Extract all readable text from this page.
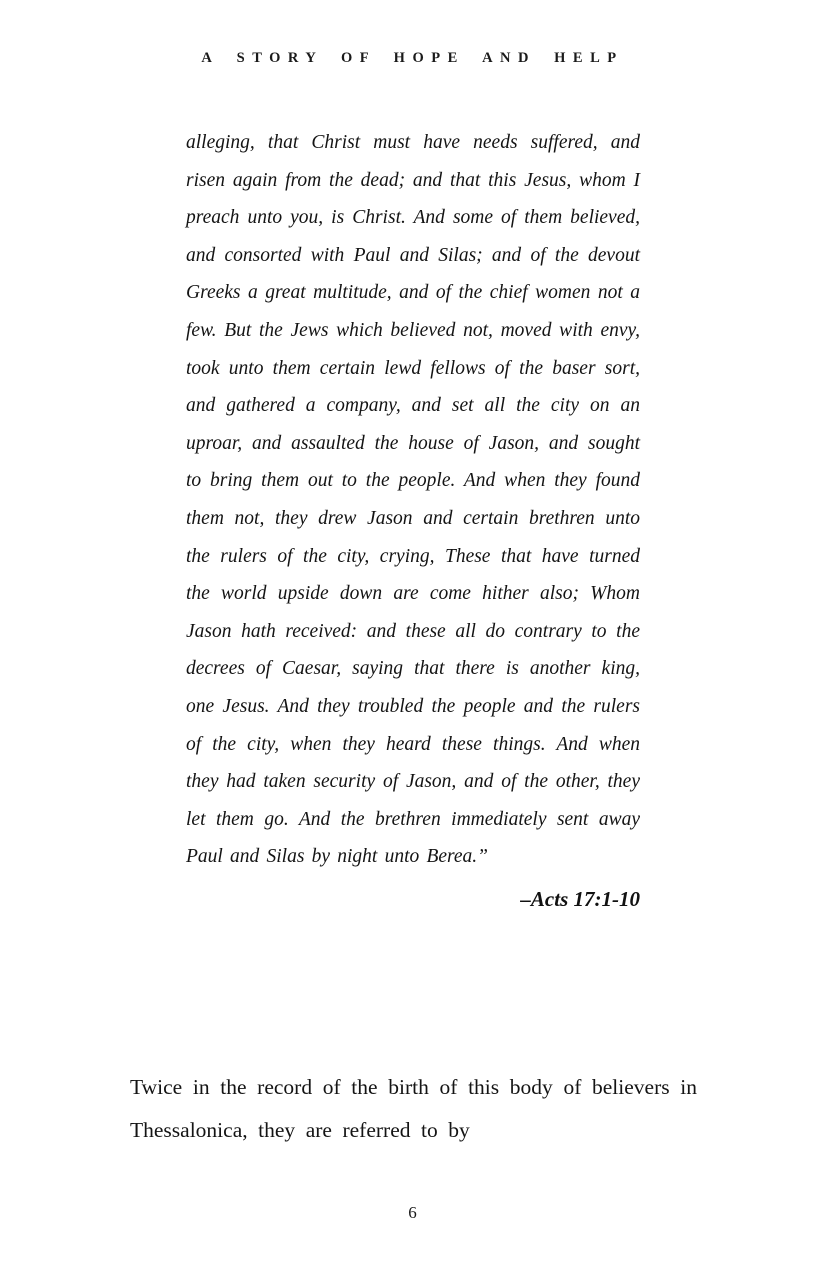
A STORY OF HOPE AND HELP
alleging, that Christ must have needs suffered, and risen again from the dead; and that this Jesus, whom I preach unto you, is Christ. And some of them believed, and consorted with Paul and Silas; and of the devout Greeks a great multitude, and of the chief women not a few. But the Jews which believed not, moved with envy, took unto them certain lewd fellows of the baser sort, and gathered a company, and set all the city on an uproar, and assaulted the house of Jason, and sought to bring them out to the people. And when they found them not, they drew Jason and certain brethren unto the rulers of the city, crying, These that have turned the world upside down are come hither also; Whom Jason hath received: and these all do contrary to the decrees of Caesar, saying that there is another king, one Jesus. And they troubled the people and the rulers of the city, when they heard these things. And when they had taken security of Jason, and of the other, they let them go. And the brethren immediately sent away Paul and Silas by night unto Berea.”
–Acts 17:1-10
Twice in the record of the birth of this body of believers in Thessalonica, they are referred to by
6
